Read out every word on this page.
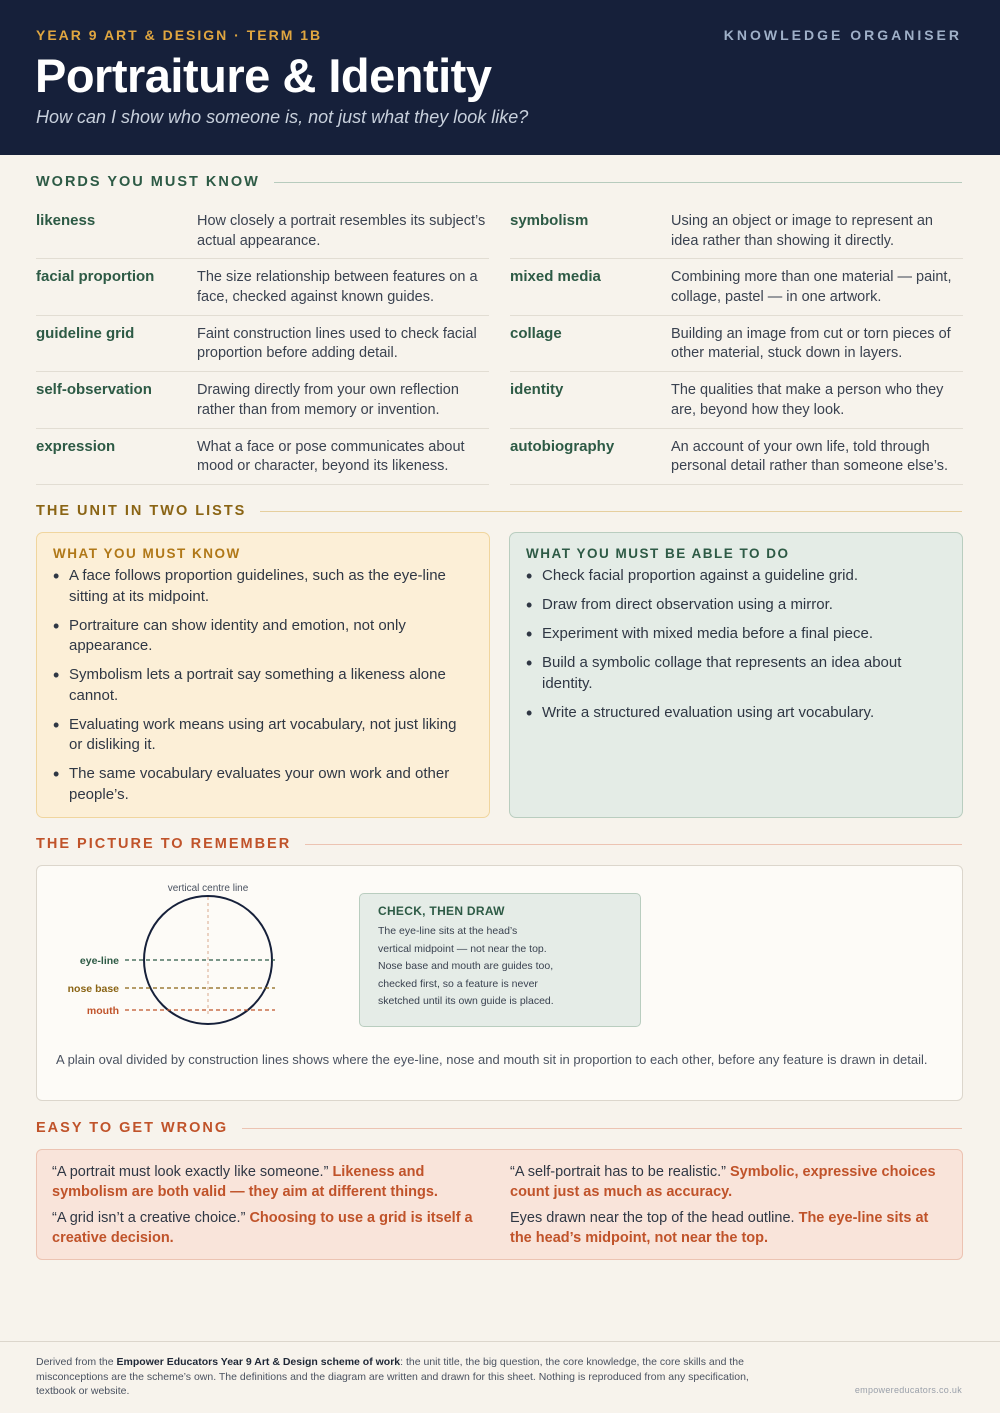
YEAR 9 ART & DESIGN · TERM 1B	KNOWLEDGE ORGANISER
Portraiture & Identity
How can I show who someone is, not just what they look like?
WORDS YOU MUST KNOW
likeness	How closely a portrait resembles its subject’s actual appearance.
facial proportion	The size relationship between features on a face, checked against known guides.
guideline grid	Faint construction lines used to check facial proportion before adding detail.
self-observation	Drawing directly from your own reflection rather than from memory or invention.
expression	What a face or pose communicates about mood or character, beyond its likeness.
symbolism	Using an object or image to represent an idea rather than showing it directly.
mixed media	Combining more than one material — paint, collage, pastel — in one artwork.
collage	Building an image from cut or torn pieces of other material, stuck down in layers.
identity	The qualities that make a person who they are, beyond how they look.
autobiography	An account of your own life, told through personal detail rather than someone else’s.
THE UNIT IN TWO LISTS
WHAT YOU MUST KNOW
• A face follows proportion guidelines, such as the eye-line sitting at its midpoint.
• Portraiture can show identity and emotion, not only appearance.
• Symbolism lets a portrait say something a likeness alone cannot.
• Evaluating work means using art vocabulary, not just liking or disliking it.
• The same vocabulary evaluates your own work and other people’s.
WHAT YOU MUST BE ABLE TO DO
• Check facial proportion against a guideline grid.
• Draw from direct observation using a mirror.
• Experiment with mixed media before a final piece.
• Build a symbolic collage that represents an idea about identity.
• Write a structured evaluation using art vocabulary.
THE PICTURE TO REMEMBER
vertical centre line
eye-line
nose base
mouth
CHECK, THEN DRAW
The eye-line sits at the head’s
vertical midpoint — not near the top.
Nose base and mouth are guides too,
checked first, so a feature is never
sketched until its own guide is placed.
A plain oval divided by construction lines shows where the eye-line, nose and mouth sit in proportion to each other, before any feature is drawn in detail.
EASY TO GET WRONG
“A portrait must look exactly like someone.” Likeness and symbolism are both valid — they aim at different things.
“A grid isn’t a creative choice.” Choosing to use a grid is itself a creative decision.
“A self-portrait has to be realistic.” Symbolic, expressive choices count just as much as accuracy.
Eyes drawn near the top of the head outline. The eye-line sits at the head’s midpoint, not near the top.
Derived from the Empower Educators Year 9 Art & Design scheme of work: the unit title, the big question, the core knowledge, the core skills and the misconceptions are the scheme’s own. The definitions and the diagram are written and drawn for this sheet. Nothing is reproduced from any specification, textbook or website.	empowereducators.co.uk
